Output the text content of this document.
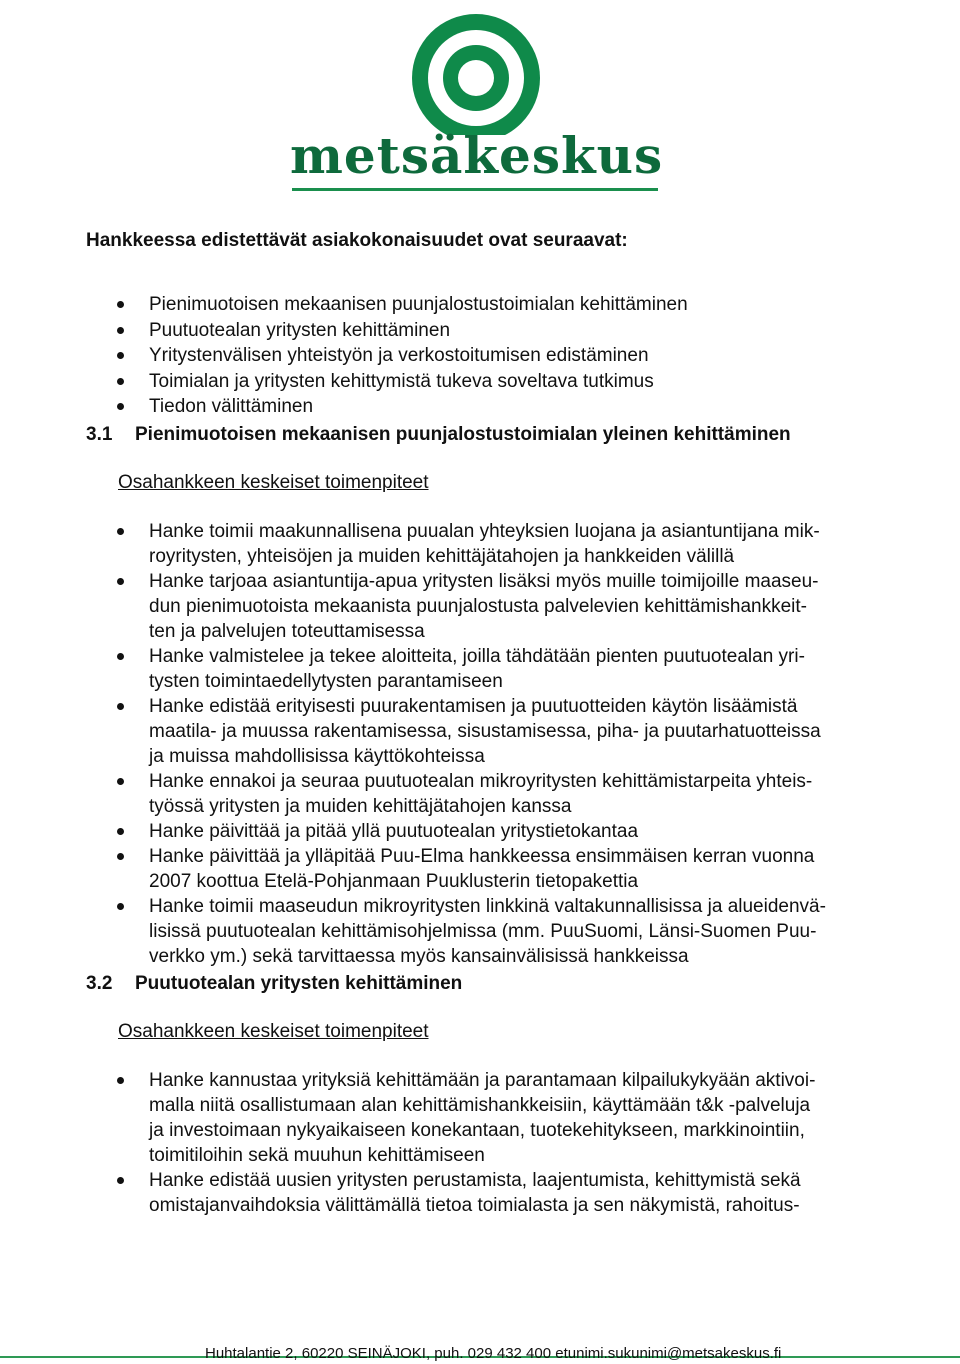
metsäkeskus
Hankkeessa edistettävät asiakokonaisuudet ovat seuraavat:
Pienimuotoisen mekaanisen puunjalostustoimialan kehittäminen
Puutuotealan yritysten kehittäminen
Yritystenvälisen yhteistyön ja verkostoitumisen edistäminen
Toimialan ja yritysten kehittymistä tukeva soveltava tutkimus
Tiedon välittäminen
3.1	Pienimuotoisen mekaanisen puunjalostustoimialan yleinen kehittäminen
Osahankkeen keskeiset toimenpiteet
Hanke toimii maakunnallisena puualan yhteyksien luojana ja asiantuntijana mik-
royritysten, yhteisöjen ja muiden kehittäjätahojen ja hankkeiden välillä
Hanke tarjoaa asiantuntija-apua yritysten lisäksi myös muille toimijoille maaseu-
dun pienimuotoista mekaanista puunjalostusta palvelevien kehittämishankkeit-
ten ja palvelujen toteuttamisessa
Hanke valmistelee ja tekee aloitteita, joilla tähdätään pienten puutuotealan yri-
tysten toimintaedellytysten parantamiseen
Hanke edistää erityisesti puurakentamisen ja puutuotteiden käytön lisäämistä
maatila- ja muussa rakentamisessa, sisustamisessa, piha- ja puutarhatuotteissa
ja muissa mahdollisissa käyttökohteissa
Hanke ennakoi ja seuraa puutuotealan mikroyritysten kehittämistarpeita yhteis-
työssä yritysten ja muiden kehittäjätahojen kanssa
Hanke päivittää ja pitää yllä puutuotealan yritystietokantaa
Hanke päivittää ja ylläpitää Puu-Elma hankkeessa ensimmäisen kerran vuonna
2007 koottua Etelä-Pohjanmaan Puuklusterin tietopakettia
Hanke toimii maaseudun mikroyritysten linkkinä valtakunnallisissa ja alueidenvä-
lisissä puutuotealan kehittämisohjelmissa (mm. PuuSuomi, Länsi-Suomen Puu-
verkko ym.) sekä tarvittaessa myös kansainvälisissä hankkeissa
3.2	Puutuotealan yritysten kehittäminen
Osahankkeen keskeiset toimenpiteet
Hanke kannustaa yrityksiä kehittämään ja parantamaan kilpailukykyään aktivoi-
malla niitä osallistumaan alan kehittämishankkeisiin, käyttämään t&k -palveluja
ja investoimaan nykyaikaiseen konekantaan, tuotekehitykseen, markkinointiin,
toimitiloihin sekä muuhun kehittämiseen
Hanke edistää uusien yritysten perustamista, laajentumista, kehittymistä sekä
omistajanvaihdoksia välittämällä tietoa toimialasta ja sen näkymistä, rahoitus-
Huhtalantie 2, 60220 SEINÄJOKI, puh. 029 432 400 etunimi.sukunimi@metsakeskus.fi
